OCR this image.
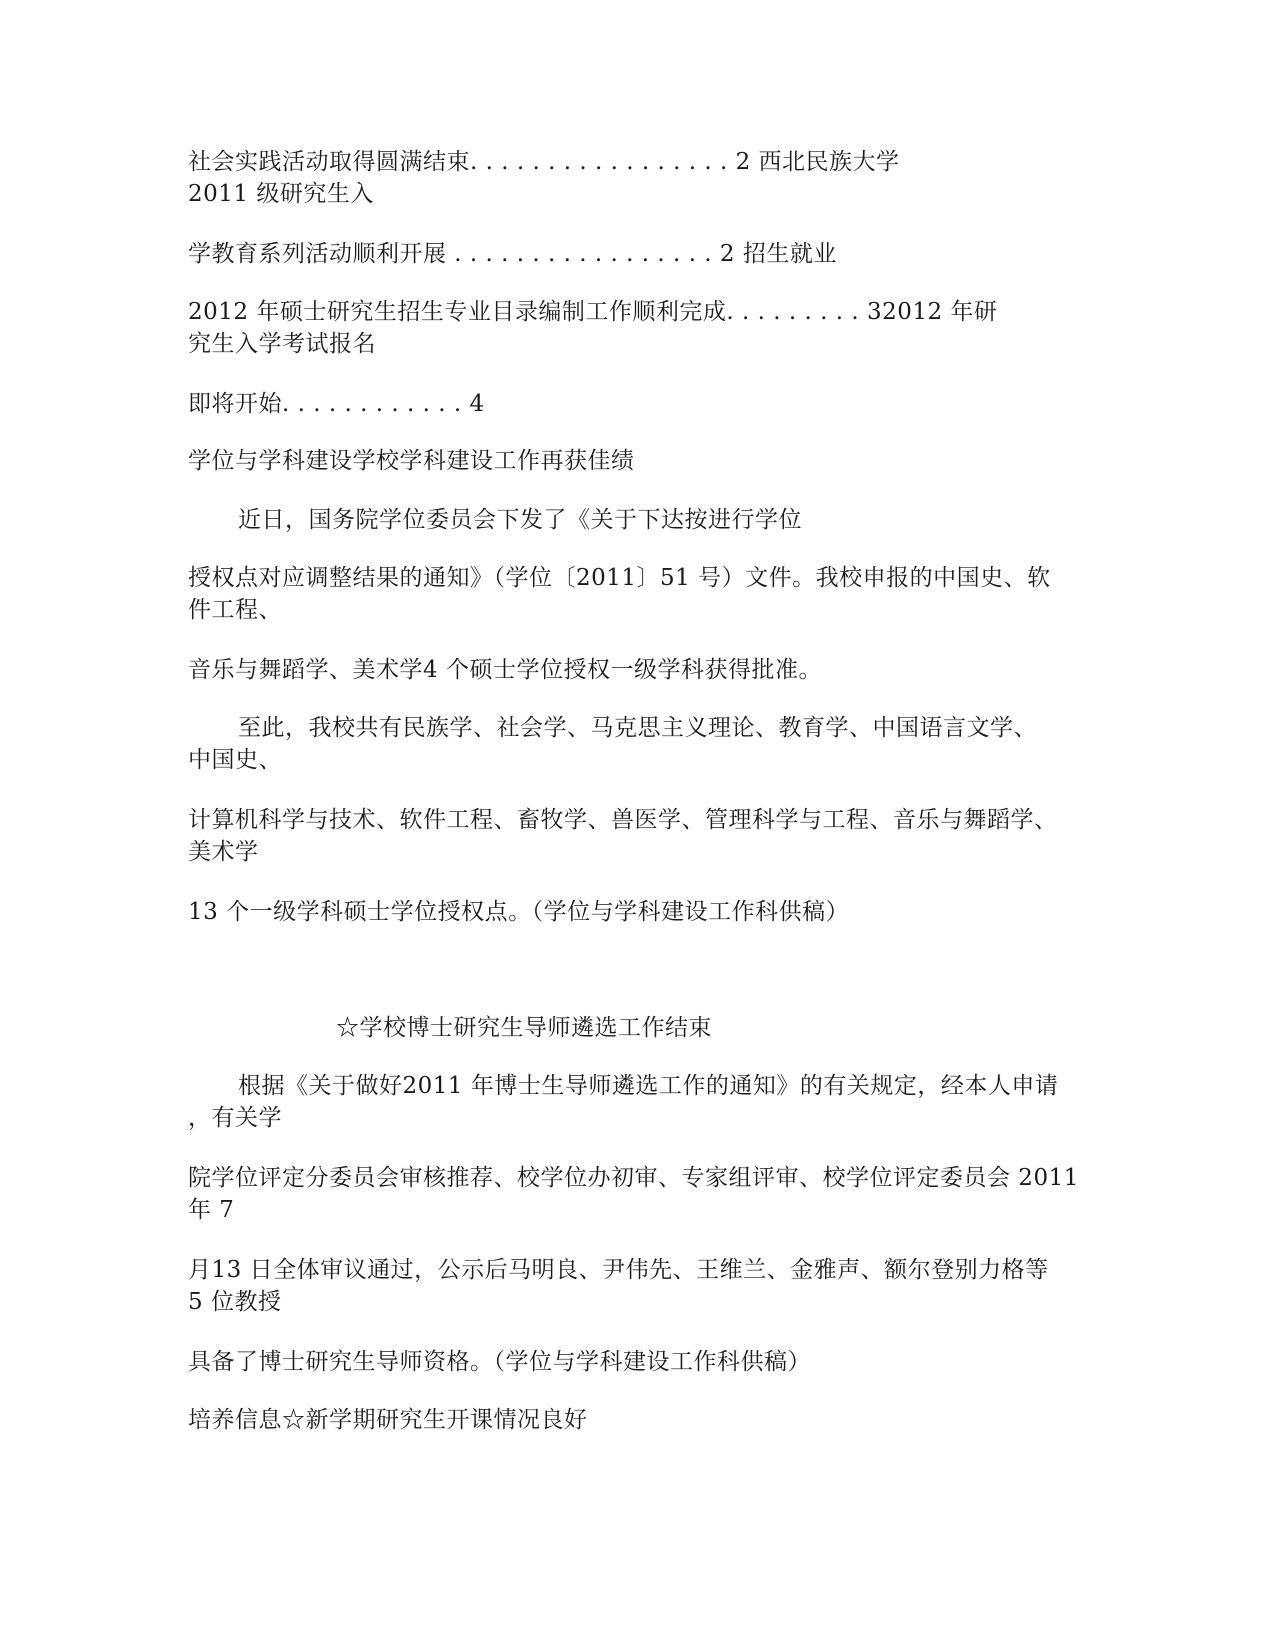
社会实践活动取得圆满结束. . . . . . . . . . . . . . . . . 2 西北民族大学
2011 级研究生入
学教育系列活动顺利开展 . . . . . . . . . . . . . . . . . 2 招生就业
2012 年硕士研究生招生专业目录编制工作顺利完成. . . . . . . . . 32012 年研
究生入学考试报名
即将开始. . . . . . . . . . . . 4
学位与学科建设学校学科建设工作再获佳绩
近日，国务院学位委员会下发了《关于下达按进行学位
授权点对应调整结果的通知》（学位〔2011〕51 号）文件。我校申报的中国史、软
件工程、
音乐与舞蹈学、美术学4 个硕士学位授权一级学科获得批准。
至此，我校共有民族学、社会学、马克思主义理论、教育学、中国语言文学、
中国史、
计算机科学与技术、软件工程、畜牧学、兽医学、管理科学与工程、音乐与舞蹈学、
美术学
13 个一级学科硕士学位授权点。（学位与学科建设工作科供稿）
☆学校博士研究生导师遴选工作结束
根据《关于做好2011 年博士生导师遴选工作的通知》的有关规定，经本人申请
，有关学
院学位评定分委员会审核推荐、校学位办初审、专家组评审、校学位评定委员会 2011
年 7
月13 日全体审议通过，公示后马明良、尹伟先、王维兰、金雅声、额尔登别力格等
5 位教授
具备了博士研究生导师资格。（学位与学科建设工作科供稿）
培养信息☆新学期研究生开课情况良好
